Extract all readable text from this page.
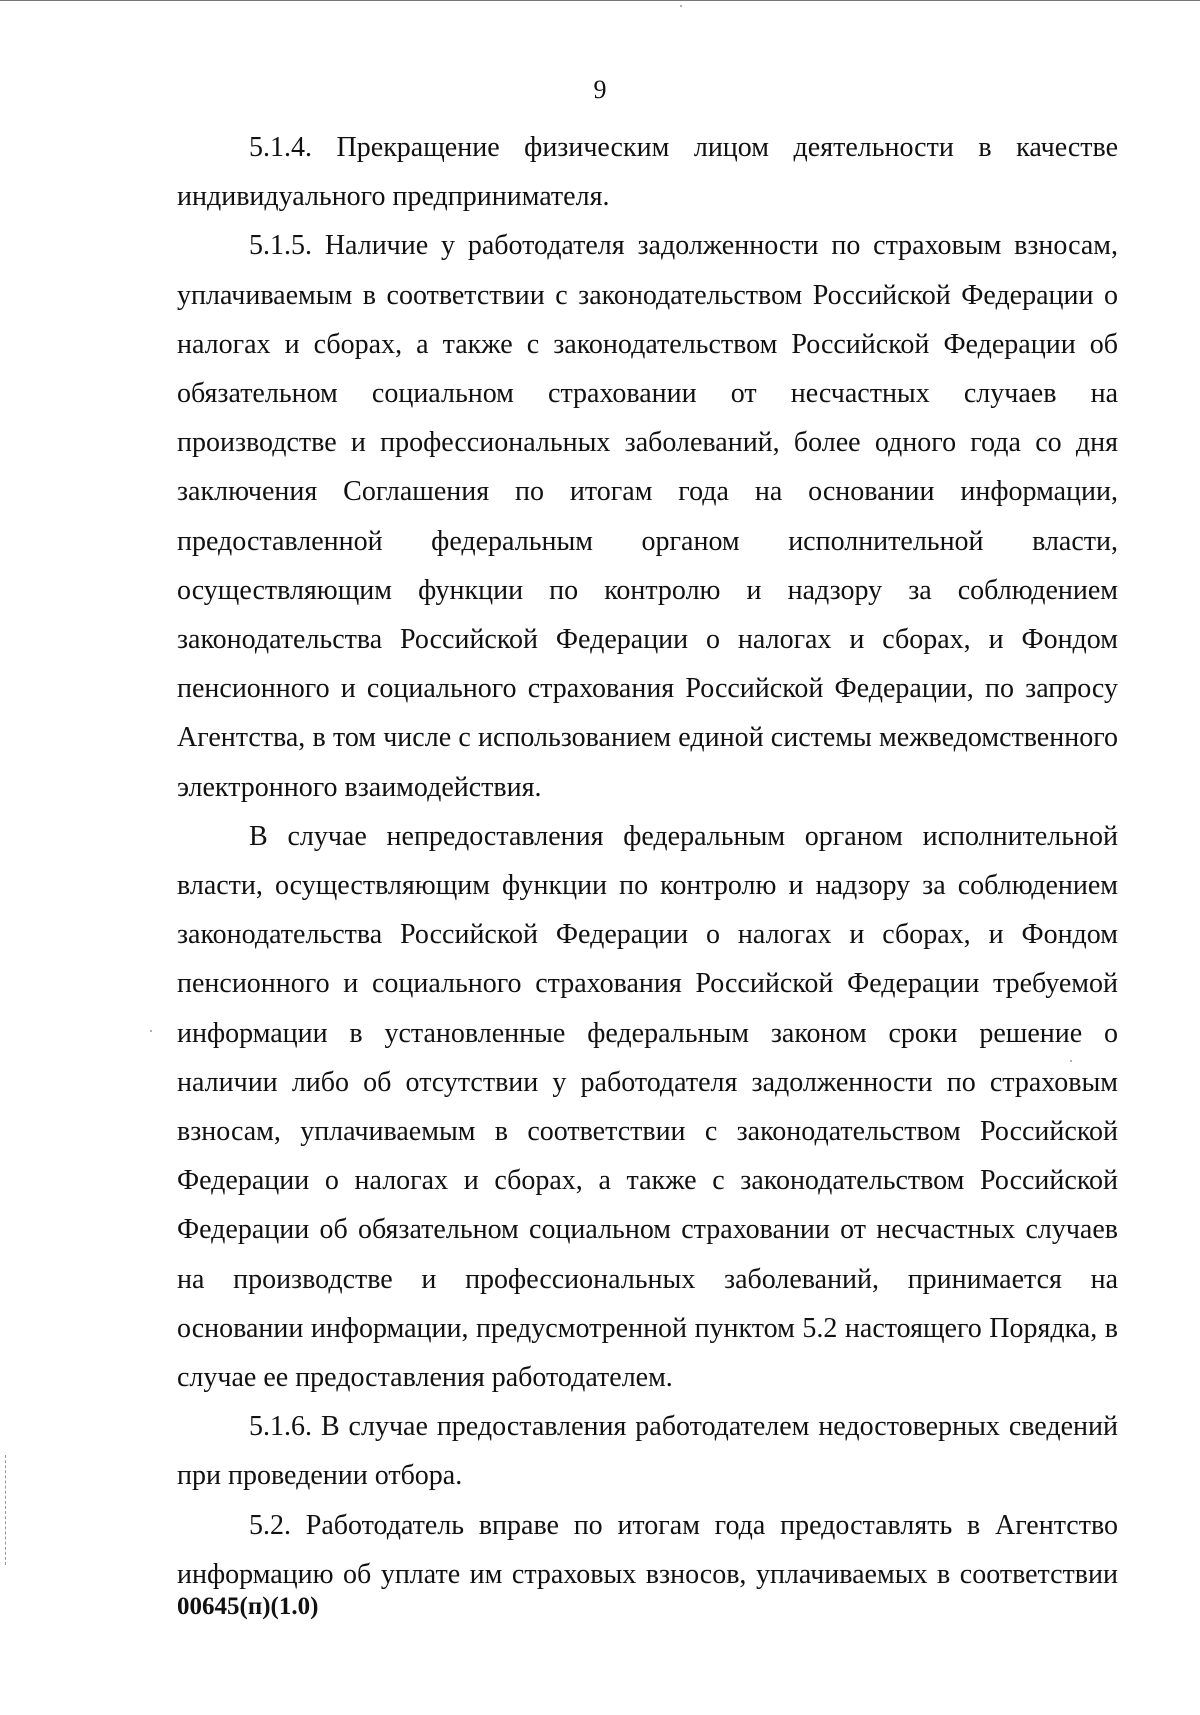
9

5.1.4. Прекращение физическим лицом деятельности в качестве индивидуального предпринимателя.

5.1.5. Наличие у работодателя задолженности по страховым взносам, уплачиваемым в соответствии с законодательством Российской Федерации о налогах и сборах, а также с законодательством Российской Федерации об обязательном социальном страховании от несчастных случаев на производстве и профессиональных заболеваний, более одного года со дня заключения Соглашения по итогам года на основании информации, предоставленной федеральным органом исполнительной власти, осуществляющим функции по контролю и надзору за соблюдением законодательства Российской Федерации о налогах и сборах, и Фондом пенсионного и социального страхования Российской Федерации, по запросу Агентства, в том числе с использованием единой системы межведомственного электронного взаимодействия.

В случае непредоставления федеральным органом исполнительной власти, осуществляющим функции по контролю и надзору за соблюдением законодательства Российской Федерации о налогах и сборах, и Фондом пенсионного и социального страхования Российской Федерации требуемой информации в установленные федеральным законом сроки решение о наличии либо об отсутствии у работодателя задолженности по страховым взносам, уплачиваемым в соответствии с законодательством Российской Федерации о налогах и сборах, а также с законодательством Российской Федерации об обязательном социальном страховании от несчастных случаев на производстве и профессиональных заболеваний, принимается на основании информации, предусмотренной пунктом 5.2 настоящего Порядка, в случае ее предоставления работодателем.

5.1.6. В случае предоставления работодателем недостоверных сведений при проведении отбора.

5.2. Работодатель вправе по итогам года предоставлять в Агентство информацию об уплате им страховых взносов, уплачиваемых в соответствии

00645(п)(1.0)
